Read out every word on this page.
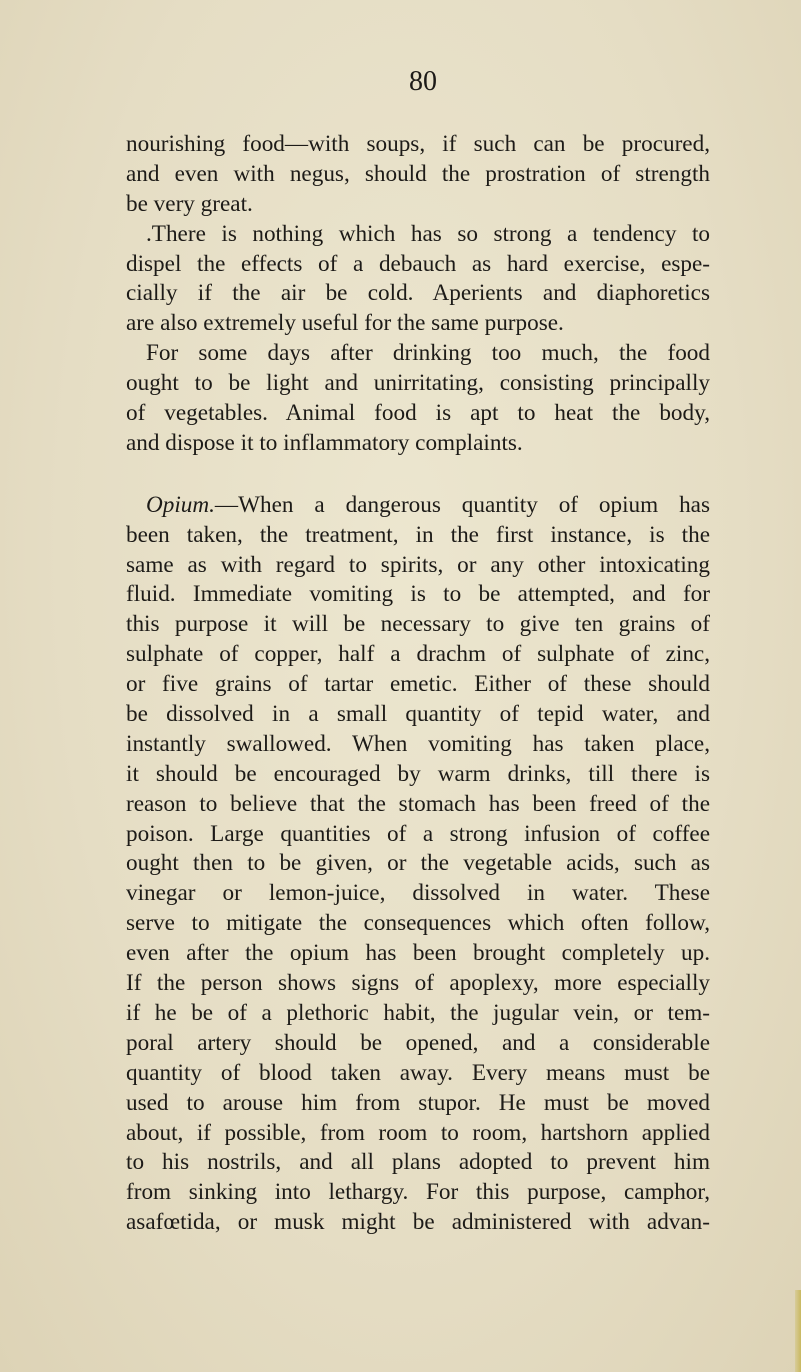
80
nourishing food—with soups, if such can be procured,
and even with negus, should the prostration of strength
be very great.
.There is nothing which has so strong a tendency to
dispel the effects of a debauch as hard exercise, espe-
cially if the air be cold. Aperients and diaphoretics
are also extremely useful for the same purpose.
For some days after drinking too much, the food
ought to be light and unirritating, consisting principally
of vegetables. Animal food is apt to heat the body,
and dispose it to inflammatory complaints.
Opium.—When a dangerous quantity of opium has
been taken, the treatment, in the first instance, is the
same as with regard to spirits, or any other intoxicating
fluid. Immediate vomiting is to be attempted, and for
this purpose it will be necessary to give ten grains of
sulphate of copper, half a drachm of sulphate of zinc,
or five grains of tartar emetic. Either of these should
be dissolved in a small quantity of tepid water, and
instantly swallowed. When vomiting has taken place,
it should be encouraged by warm drinks, till there is
reason to believe that the stomach has been freed of the
poison. Large quantities of a strong infusion of coffee
ought then to be given, or the vegetable acids, such as
vinegar or lemon-juice, dissolved in water. These
serve to mitigate the consequences which often follow,
even after the opium has been brought completely up.
If the person shows signs of apoplexy, more especially
if he be of a plethoric habit, the jugular vein, or tem-
poral artery should be opened, and a considerable
quantity of blood taken away. Every means must be
used to arouse him from stupor. He must be moved
about, if possible, from room to room, hartshorn applied
to his nostrils, and all plans adopted to prevent him
from sinking into lethargy. For this purpose, camphor,
asafœtida, or musk might be administered with advan-
